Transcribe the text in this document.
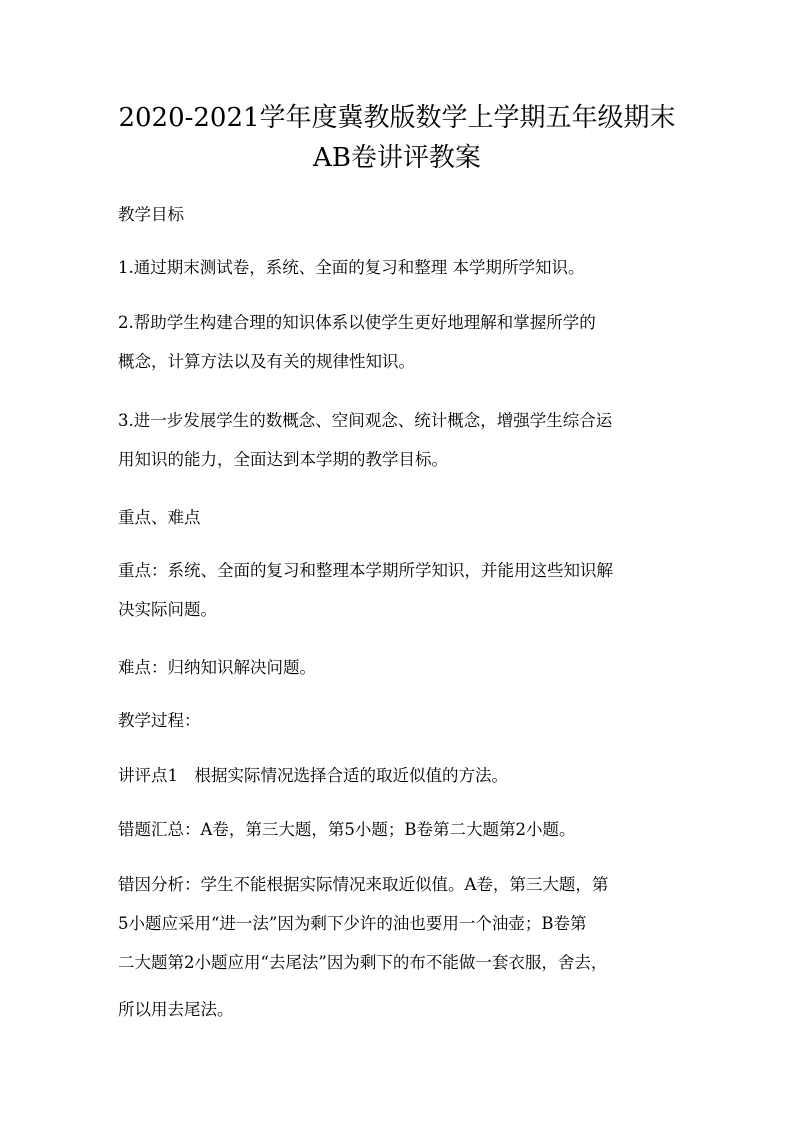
2020-2021学年度冀教版数学上学期五年级期末
AB卷讲评教案
教学目标
1.通过期末测试卷，系统、全面的复习和整理 本学期所学知识。
2.帮助学生构建合理的知识体系以使学生更好地理解和掌握所学的
概念，计算方法以及有关的规律性知识。
3.进一步发展学生的数概念、空间观念、统计概念，增强学生综合运
用知识的能力，全面达到本学期的教学目标。
重点、难点
重点：系统、全面的复习和整理本学期所学知识，并能用这些知识解
决实际问题。
难点：归纳知识解决问题。
教学过程：
讲评点1　根据实际情况选择合适的取近似值的方法。
错题汇总：A卷，第三大题，第5小题；B卷第二大题第2小题。
错因分析：学生不能根据实际情况来取近似值。A卷，第三大题，第
5小题应采用“进一法”因为剩下少许的油也要用一个油壶；B卷第
二大题第2小题应用“去尾法”因为剩下的布不能做一套衣服，舍去，
所以用去尾法。
